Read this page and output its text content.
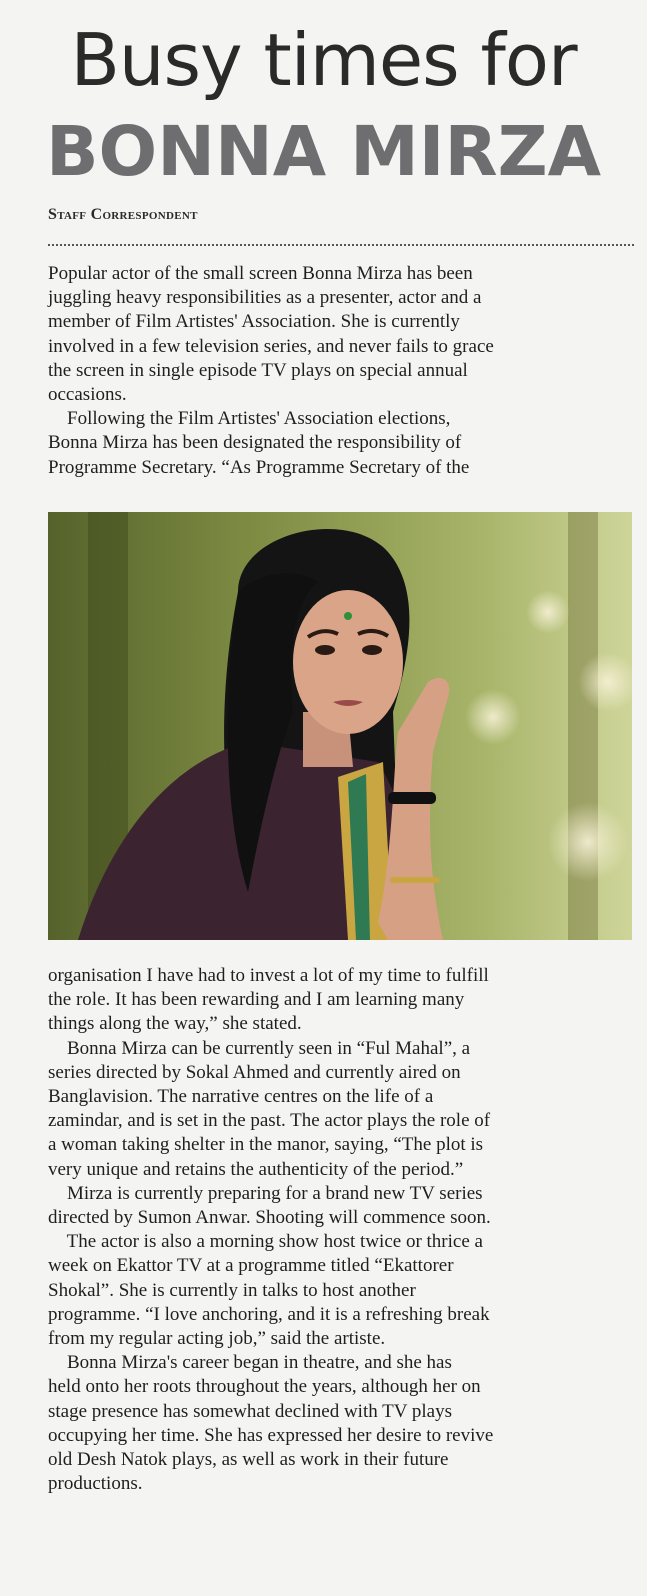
Busy times for
BONNA MIRZA
Staff Correspondent
Popular actor of the small screen Bonna Mirza has been
juggling heavy responsibilities as a presenter, actor and a
member of Film Artistes' Association. She is currently
involved in a few television series, and never fails to grace
the screen in single episode TV plays on special annual
occasions.
Following the Film Artistes' Association elections,
Bonna Mirza has been designated the responsibility of
Programme Secretary. “As Programme Secretary of the
organisation I have had to invest a lot of my time to fulfill
the role. It has been rewarding and I am learning many
things along the way,” she stated.
Bonna Mirza can be currently seen in “Ful Mahal”, a
series directed by Sokal Ahmed and currently aired on
Banglavision. The narrative centres on the life of a
zamindar, and is set in the past. The actor plays the role of
a woman taking shelter in the manor, saying, “The plot is
very unique and retains the authenticity of the period.”
Mirza is currently preparing for a brand new TV series
directed by Sumon Anwar. Shooting will commence soon.
The actor is also a morning show host twice or thrice a
week on Ekattor TV at a programme titled “Ekattorer
Shokal”. She is currently in talks to host another
programme. “I love anchoring, and it is a refreshing break
from my regular acting job,” said the artiste.
Bonna Mirza's career began in theatre, and she has
held onto her roots throughout the years, although her on
stage presence has somewhat declined with TV plays
occupying her time. She has expressed her desire to revive
old Desh Natok plays, as well as work in their future
productions.
